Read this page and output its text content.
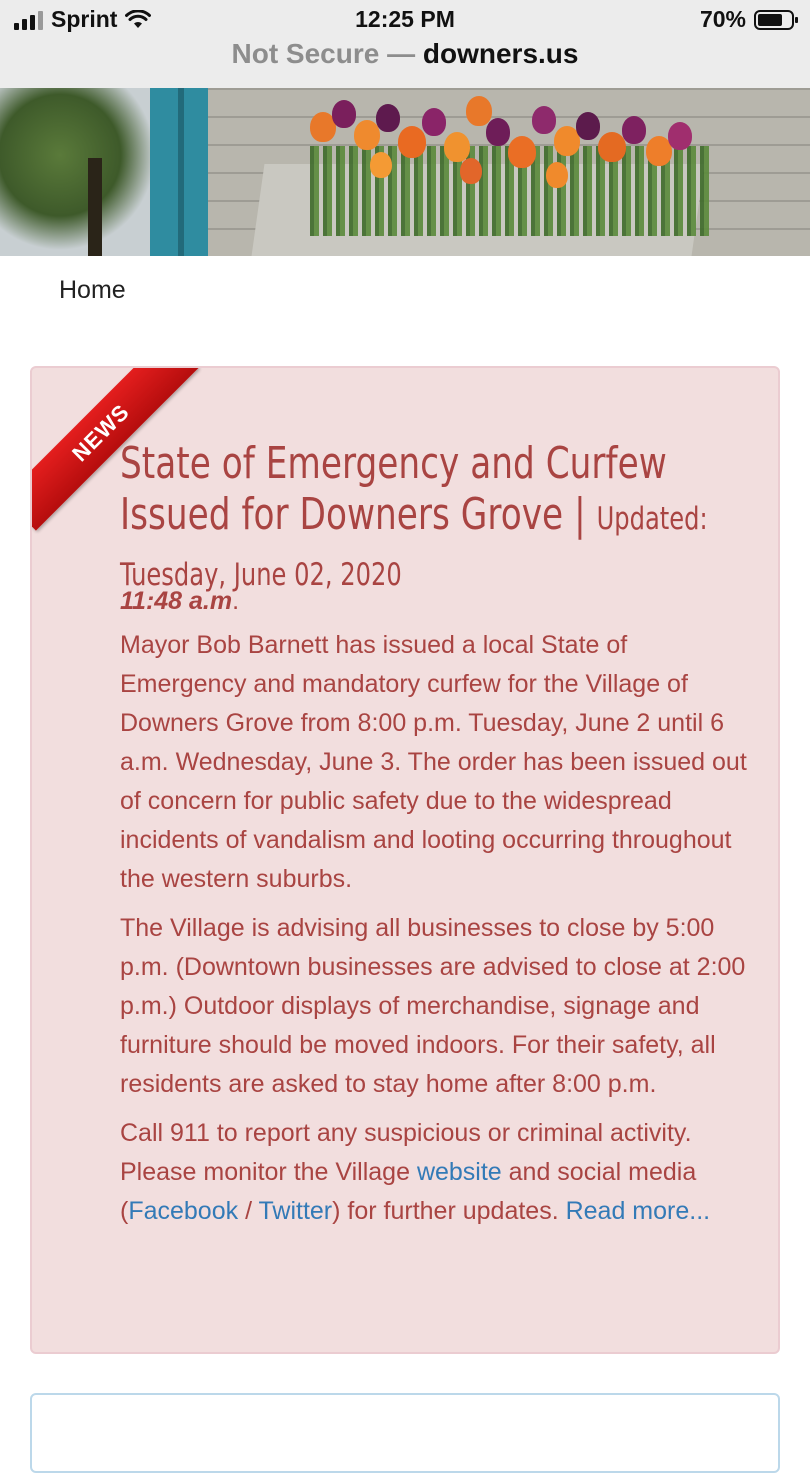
Sprint	12:25 PM	70%
Not Secure — downers.us
Home
NEWS
State of Emergency and Curfew Issued for Downers Grove | Updated: Tuesday, June 02, 2020
11:48 a.m.

Mayor Bob Barnett has issued a local State of Emergency and mandatory curfew for the Village of Downers Grove from 8:00 p.m. Tuesday, June 2 until 6 a.m. Wednesday, June 3. The order has been issued out of concern for public safety due to the widespread incidents of vandalism and looting occurring throughout the western suburbs.

The Village is advising all businesses to close by 5:00 p.m. (Downtown businesses are advised to close at 2:00 p.m.) Outdoor displays of merchandise, signage and furniture should be moved indoors. For their safety, all residents are asked to stay home after 8:00 p.m.

Call 911 to report any suspicious or criminal activity. Please monitor the Village website and social media (Facebook / Twitter) for further updates. Read more...
